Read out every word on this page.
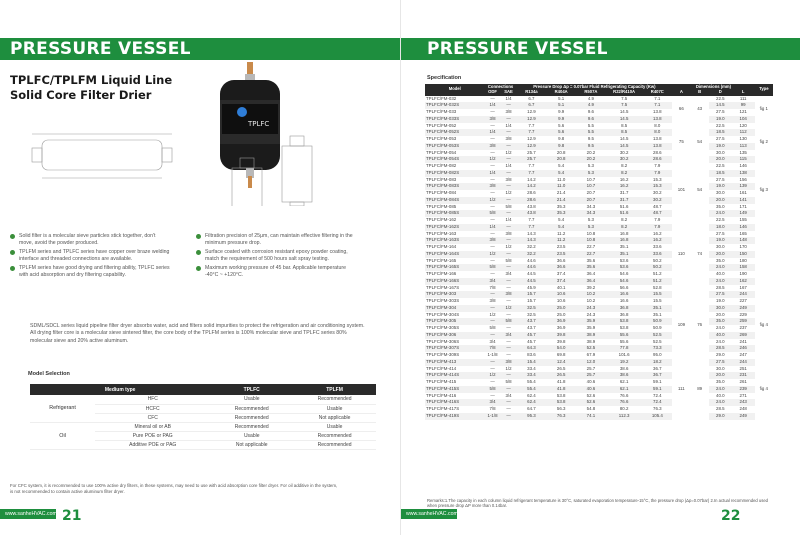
PRESSURE VESSEL
TPLFC/TPLFM Liquid Line
Solid Core Filter Drier
TPLFC
Solid filter is a molecular sieve particles stick together, don't move, avoid the powder produced.
TPLFM series and TPLFC series have copper over braze welding interface and threaded connections are available.
TPLFM series have good drying and filtering ability, TPLFC series with acid absorption and dry filtering capability.
Filtration precision of 25μm, can maintain effective filtering in the minimum pressure drop.
Surface coated with corrosion resistant epoxy powder coating, match the requirement of 500 hours salt spray testing.
Maximum working pressure of 45 bar. Applicable temperature -40°C ~ +120°C.
SDML/SDCL series liquid pipeline filter dryer absorbs water, acid and filters solid impurities to protect the refrigeration and air conditioning system. All drying filter core is a molecular sieve sintered filter, the core body of the TPLFM series is 100% molecular sieve and TPLFC series 80% molecular sieve and 20% active aluminum.
Model Selection
Medium type		TPLFC	TPLFM
Refrigerant	HFC	Usable	Recommended
	HCFC	Recommended	Usable
	CFC	Recommended	Not applicable
Oil	Mineral oil or AB	Recommended	Usable
	Pure POE or PAG	Usable	Recommended
	Additive POE or PAG	Not applicable	Recommended
For CFC system, it is recommended to use 100% active dry filters, in these systems, may need to use with acid absorption core filter dryer. For oil additive in the system, is not recommended to contain active aluminum filter dryer.
www.sanheHVAC.com 21
PRESSURE VESSEL
Specification
Model	Connections		Pressure Drop Δp = 0.07bar Fluid Refrigerating Capacity (Kw)					Dimensions (mm)				Type
	ODF	SAE	R134a	R404A	R507A	R22/R410A	R407C	A	B	D	L	
TPLFC/FM-032	—	1/4	6.7	5.1	4.9	7.5	7.1	66	43	22.5	111	fig 1
TPLFC/FM-032S	1/4	—	6.7	5.1	4.9	7.5	7.1			14.5	99	
TPLFC/FM-033	—	3/8	12.9	9.9	9.6	14.5	13.8			27.5	121	
TPLFC/FM-033S	3/8	—	12.9	9.9	9.6	14.5	13.8			19.0	104	
TPLFC/FM-052	—	1/4	7.7	5.6	5.5	8.5	8.0	75	54	22.5	120	fig 2
TPLFC/FM-052S	1/4	—	7.7	5.6	5.5	8.5	8.0			18.5	112	
TPLFC/FM-053	—	3/8	12.9	9.8	9.5	14.5	13.8			27.5	130	
TPLFC/FM-053S	3/8	—	12.9	9.8	9.5	14.5	13.8			19.0	113	
TPLFC/FM-054	—	1/2	25.7	20.8	20.2	30.2	28.6			30.0	135	
TPLFC/FM-054S	1/2	—	25.7	20.8	20.2	30.2	28.6			20.0	115	
TPLFC/FM-082	—	1/4	7.7	5.4	5.3	8.2	7.9	101	54	22.5	146	fig 3
TPLFC/FM-082S	1/4	—	7.7	5.4	5.3	8.2	7.9			18.5	138	
TPLFC/FM-083	—	3/8	14.2	11.0	10.7	16.2	15.3			27.5	156	
TPLFC/FM-083S	3/8	—	14.2	11.0	10.7	16.2	15.3			19.0	139	
TPLFC/FM-084	—	1/2	28.6	21.4	20.7	31.7	30.2			30.0	161	
TPLFC/FM-084S	1/2	—	28.6	21.4	20.7	31.7	30.2			20.0	141	
TPLFC/FM-085	—	5/8	43.8	35.3	34.3	51.6	48.7			35.0	171	
TPLFC/FM-085S	5/8	—	43.8	35.3	34.3	51.6	48.7			24.0	149	
TPLFC/FM-162	—	1/4	7.7	5.4	5.3	8.2	7.9	110	74	22.5	155	
TPLFC/FM-162S	1/4	—	7.7	5.4	5.3	8.2	7.9			18.0	146	
TPLFC/FM-163	—	3/8	14.3	11.2	10.8	16.8	16.2			27.5	165	
TPLFC/FM-163S	3/8	—	14.3	11.2	10.8	16.8	16.2			19.0	148	
TPLFC/FM-164	—	1/2	32.2	23.5	22.7	35.1	33.6			30.0	170	
TPLFC/FM-164S	1/2	—	32.2	23.5	22.7	35.1	33.6			20.0	150	
TPLFC/FM-165	—	5/8	44.6	36.6	35.6	53.6	50.2			35.0	180	
TPLFC/FM-165S	5/8	—	44.6	36.6	35.6	53.6	50.2			24.0	158	
TPLFC/FM-166	—	3/4	44.5	37.4	36.4	54.6	51.2			40.0	190	
TPLFC/FM-166S	3/4	—	44.5	37.4	36.4	54.6	51.2			24.0	162	
TPLFC/FM-167S	7/8	—	45.9	40.1	39.2	56.6	52.8			28.5	167	
TPLFC/FM-303	—	3/8	15.7	10.6	10.2	16.6	15.5	109	76	27.5	244	fig 4
TPLFC/FM-303S	3/8	—	15.7	10.6	10.2	16.6	15.5			19.0	227	
TPLFC/FM-304	—	1/2	32.5	25.0	24.3	36.8	35.1			30.0	249	
TPLFC/FM-304S	1/2	—	32.5	25.0	24.3	36.8	35.1			20.0	229	
TPLFC/FM-305	—	5/8	43.7	36.9	35.9	53.8	50.9			35.0	259	
TPLFC/FM-305S	5/8	—	43.7	36.9	35.9	53.8	50.9			24.0	237	
TPLFC/FM-306	—	3/4	45.7	39.8	38.9	55.6	52.5			40.0	269	
TPLFC/FM-306S	3/4	—	45.7	39.8	38.9	55.6	52.5			24.0	241	
TPLFC/FM-307S	7/8	—	64.3	54.0	52.5	77.8	73.3			28.5	246	
TPLFC/FM-309S	1-1/8	—	83.6	69.8	67.9	101.6	95.0			29.0	247	
TPLFC/FM-413	—	3/8	15.4	12.4	12.0	19.2	18.2	111	89	27.5	244	fig 4
TPLFC/FM-414	—	1/2	33.4	26.5	25.7	38.6	36.7			30.0	251	
TPLFC/FM-414S	1/2	—	33.4	26.5	25.7	38.6	36.7			20.0	231	
TPLFC/FM-415	—	5/8	55.4	41.8	40.6	62.1	59.1			35.0	261	
TPLFC/FM-415S	5/8	—	55.4	41.8	40.6	62.1	59.1			24.0	239	
TPLFC/FM-416	—	3/4	62.4	53.8	52.6	76.6	72.4			40.0	271	
TPLFC/FM-416S	3/4	—	62.4	53.8	52.6	76.6	72.4			24.0	243	
TPLFC/FM-417S	7/8	—	64.7	56.3	54.8	80.2	76.3			28.5	248	
TPLFC/FM-419S	1-1/8	—	95.3	76.3	74.1	112.3	105.4			29.0	249	
Remarks:1.The capacity in each column liquid refrigerant temperature is 30°C, saturated evaporation temperature-15°C, the pressure drop (Δp=0.07bar) 2.In actual recommended used when pressure drop ΔP more than 0.14bar.
www.sanheHVAC.com	22
